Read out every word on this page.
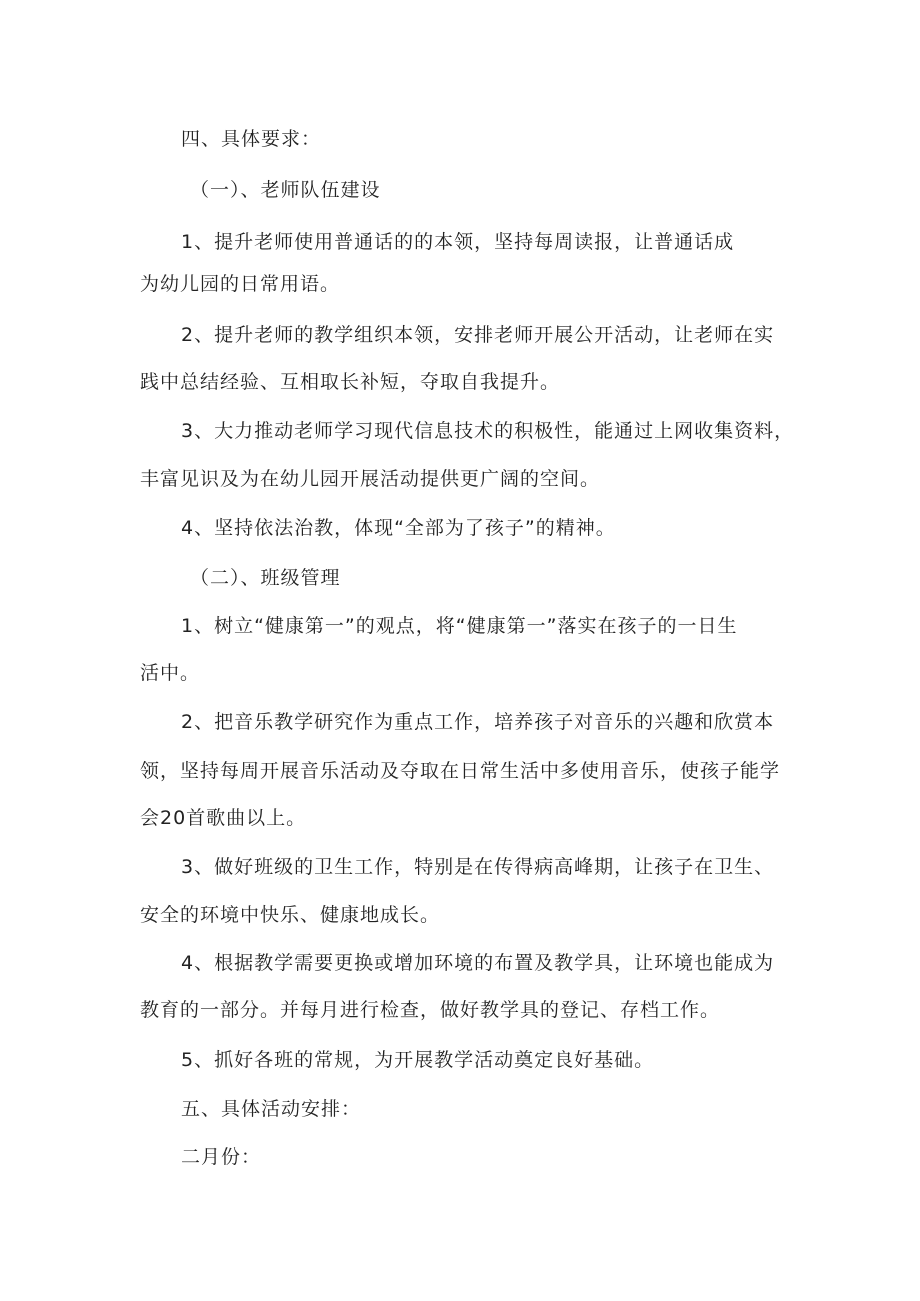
四、具体要求：
（一）、老师队伍建设
1、提升老师使用普通话的的本领，坚持每周读报，让普通话成
为幼儿园的日常用语。
2、提升老师的教学组织本领，安排老师开展公开活动，让老师在实
践中总结经验、互相取长补短，夺取自我提升。
3、大力推动老师学习现代信息技术的积极性，能通过上网收集资料，
丰富见识及为在幼儿园开展活动提供更广阔的空间。
4、坚持依法治教，体现“全部为了孩子”的精神。
（二）、班级管理
1、树立“健康第一”的观点，将“健康第一”落实在孩子的一日生
活中。
2、把音乐教学研究作为重点工作，培养孩子对音乐的兴趣和欣赏本
领，坚持每周开展音乐活动及夺取在日常生活中多使用音乐，使孩子能学
会20首歌曲以上。
3、做好班级的卫生工作，特别是在传得病高峰期，让孩子在卫生、
安全的环境中快乐、健康地成长。
4、根据教学需要更换或增加环境的布置及教学具，让环境也能成为
教育的一部分。并每月进行检查，做好教学具的登记、存档工作。
5、抓好各班的常规，为开展教学活动奠定良好基础。
五、具体活动安排：
二月份：
